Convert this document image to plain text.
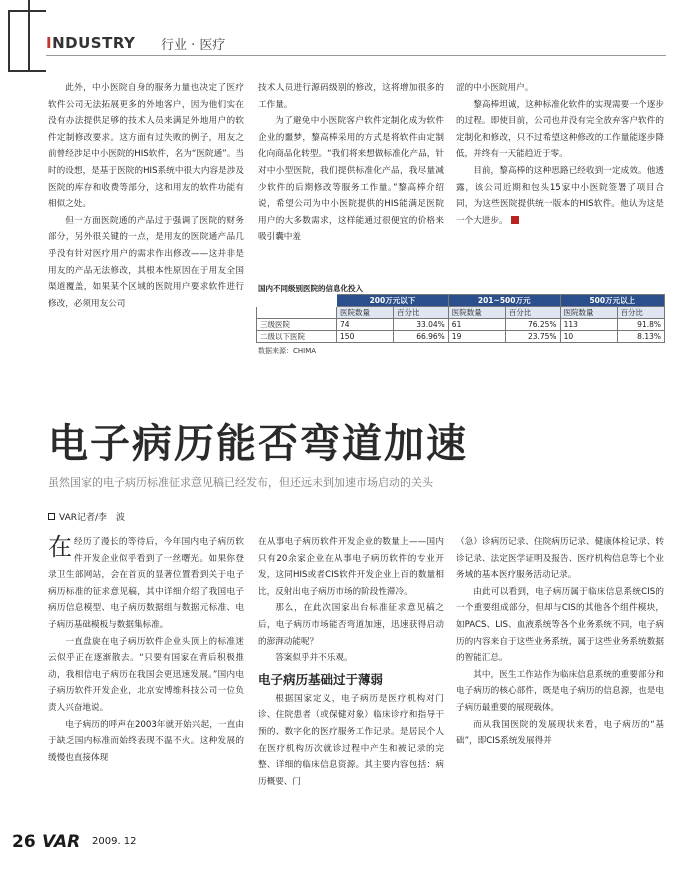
INDUSTRY 行业 · 医疗

此外，中小医院自身的服务力量也决定了医疗软件公司无法拓展更多的外地客户，因为他们实在没有办法提供足够的技术人员来满足外地用户的软件定制修改要求。这方面有过失败的例子，用友之前曾经涉足中小医院的HIS软件，名为“医院通”。当时的设想，是基于医院的HIS系统中很大内容是涉及医院的库存和收费等部分，这和用友的软件功能有相似之处。

但一方面医院通的产品过于强调了医院的财务部分，另外很关键的一点，是用友的医院通产品几乎没有针对医疗用户的需求作出修改——这并非是用友的产品无法修改，其根本性原因在于用友全国渠道覆盖，如果某个区域的医院用户要求软件进行修改，必须用友公司

技术人员进行源码级别的修改，这将增加很多的工作量。

为了避免中小医院客户软件定制化成为软件企业的噩梦，黎高棒采用的方式是将软件由定制化向商品化转型。“我们将来想做标准化产品，针对中小型医院，我们提供标准化产品，我尽量减少软件的后期修改等服务工作量。”黎高棒介绍说，希望公司为中小医院提供的HIS能满足医院用户的大多数需求，这样能通过很便宜的价格来吸引囊中羞

涩的中小医院用户。

黎高棒坦诚，这种标准化软件的实现需要一个逐步的过程。即使目前，公司也并没有完全放弃客户软件的定制化和修改，只不过希望这种修改的工作量能逐步降低，并终有一天能趋近于零。

目前，黎高棒的这种思路已经收到一定成效。他透露，该公司近期和包头15家中小医院签署了项目合同，为这些医院提供统一版本的HIS软件。他认为这是一个大进步。

国内不同级别医院的信息化投入
	200万元以下		201~500万元		500万元以上	
	医院数量	百分比	医院数量	百分比	医院数量	百分比
三级医院	74	33.04%	61	76.25%	113	91.8%
二级以下医院	150	66.96%	19	23.75%	10	8.13%
数据来源：CHIMA
电子病历能否弯道加速
虽然国家的电子病历标准征求意见稿已经发布，但还远未到加速市场启动的关头
VAR记者/李　波

在经历了漫长的等待后，今年国内电子病历软件开发企业似乎看到了一丝曙光。如果你登录卫生部网站，会在首页的显著位置看到关于电子病历标准的征求意见稿，其中详细介绍了我国电子病历信息模型、电子病历数据组与数据元标准、电子病历基础模板与数据集标准。

一直盘旋在电子病历软件企业头顶上的标准迷云似乎正在逐渐散去。“只要有国家在背后积极推动，我相信电子病历在我国会更迅速发展。”国内电子病历软件开发企业，北京安博维科技公司一位负责人兴奋地说。

电子病历的呼声在2003年就开始兴起，一直由于缺乏国内标准而始终表现不温不火。这种发展的缓慢也直接体现

在从事电子病历软件开发企业的数量上——国内只有20余家企业在从事电子病历软件的专业开发，这同HIS或者CIS软件开发企业上百的数量相比，反射出电子病历市场的阶段性滞冷。

那么，在此次国家出台标准征求意见稿之后，电子病历市场能否弯道加速，迅速获得启动的澎湃动能呢？

答案似乎并不乐观。

电子病历基础过于薄弱

根据国家定义，电子病历是医疗机构对门诊、住院患者（或保健对象）临床诊疗和指导干预的、数字化的医疗服务工作记录。是居民个人在医疗机构历次就诊过程中产生和被记录的完整、详细的临床信息资源。其主要内容包括：病历概要、门

（急）诊病历记录、住院病历记录、健康体检记录、转诊记录、法定医学证明及报告、医疗机构信息等七个业务域的基本医疗服务活动记录。

由此可以看到，电子病历属于临床信息系统CIS的一个重要组成部分，但却与CIS的其他各个组件模块，如PACS、LIS、血液系统等各个业务系统不同，电子病历的内容来自于这些业务系统，属于这些业务系统数据的智能汇总。

其中，医生工作站作为临床信息系统的重要部分和电子病历的核心部件，既是电子病历的信息源，也是电子病历最重要的展现载体。

而从我国医院的发展现状来看，电子病历的“基础”，即CIS系统发展得并

26 VAR 2009. 12
